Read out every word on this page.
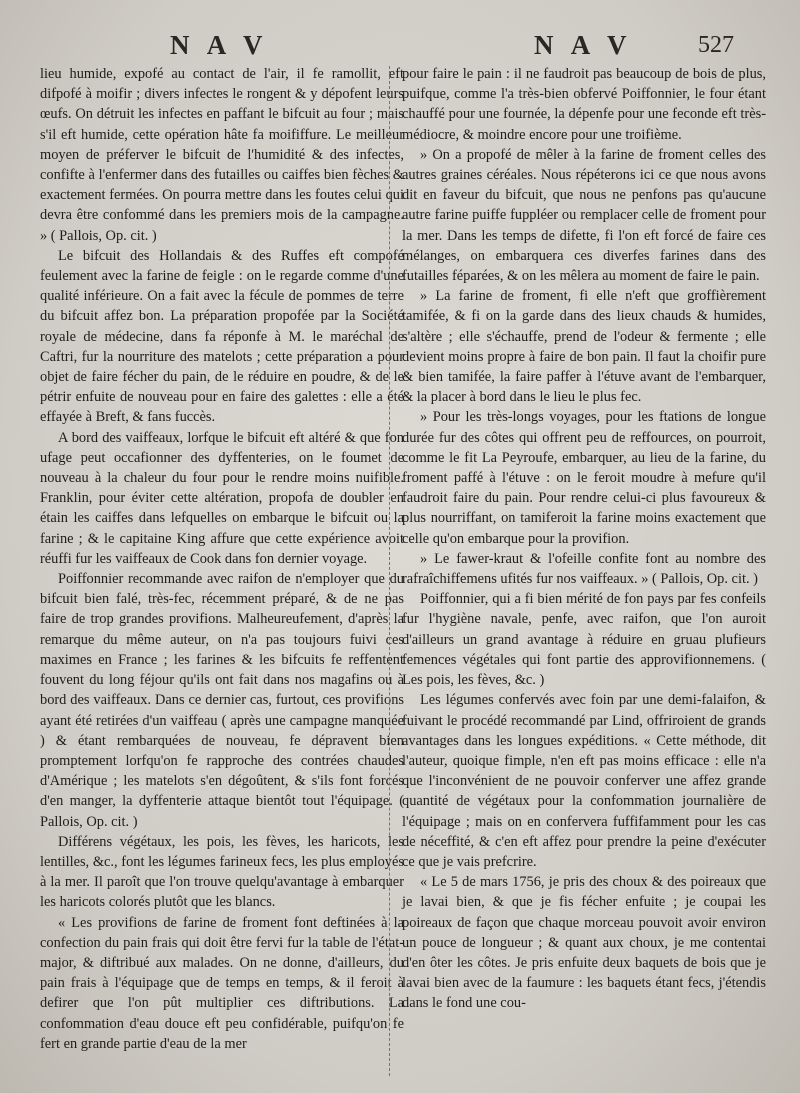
N A V	N A V	527

lieu humide, expofé au contact de l'air, il fe ramollit, eft difpofé à moifir ; divers infectes le rongent & y dépofent leurs œufs. On détruit les infectes en paffant le bifcuit au four ; mais s'il eft humide, cette opération hâte fa moififfure. Le meilleur moyen de préferver le bifcuit de l'humidité & des infectes, confifte à l'enfermer dans des futailles ou caiffes bien fèches & exactement fermées. On pourra mettre dans les foutes celui qui devra être confommé dans les premiers mois de la campagne. » ( Pallois, Op. cit. )

Le bifcuit des Hollandais & des Ruffes eft compofé feulement avec la farine de feigle : on le regarde comme d'une qualité inférieure. On a fait avec la fécule de pommes de terre du bifcuit affez bon. La préparation propofée par la Société royale de médecine, dans fa réponfe à M. le maréchal de Caftri, fur la nourriture des matelots ; cette préparation a pour objet de faire fécher du pain, de le réduire en poudre, & de le pétrir enfuite de nouveau pour en faire des galettes : elle a été effayée à Breft, & fans fuccès.

A bord des vaiffeaux, lorfque le bifcuit eft altéré & que fon ufage peut occafionner des dyffenteries, on le foumet de nouveau à la chaleur du four pour le rendre moins nuifible. Franklin, pour éviter cette altération, propofa de doubler en étain les caiffes dans lefquelles on embarque le bifcuit ou la farine ; & le capitaine King affure que cette expérience avoit réuffi fur les vaiffeaux de Cook dans fon dernier voyage.

Poiffonnier recommande avec raifon de n'employer que du bifcuit bien falé, très-fec, récemment préparé, & de ne pas faire de trop grandes provifions. Malheureufement, d'après la remarque du même auteur, on n'a pas toujours fuivi ces maximes en France ; les farines & les bifcuits fe reffentent fouvent du long féjour qu'ils ont fait dans nos magafins ou à bord des vaiffeaux. Dans ce dernier cas, furtout, ces provifions ayant été retirées d'un vaiffeau ( après une campagne manquée ) & étant rembarquées de nouveau, fe dépravent bien promptement lorfqu'on fe rapproche des contrées chaudes d'Amérique ; les matelots s'en dégoûtent, & s'ils font forcés d'en manger, la dyffenterie attaque bientôt tout l'équipage. ( Pallois, Op. cit. )

Différens végétaux, les pois, les fèves, les haricots, les lentilles, &c., font les légumes farineux fecs, les plus employés à la mer. Il paroît que l'on trouve quelqu'avantage à embarquer les haricots colorés plutôt que les blancs.

« Les provifions de farine de froment font deftinées à la confection du pain frais qui doit être fervi fur la table de l'état-major, & diftribué aux malades. On ne donne, d'ailleurs, du pain frais à l'équipage que de temps en temps, & il feroit à defirer que l'on pût multiplier ces diftributions. La confommation d'eau douce eft peu confidérable, puifqu'on fe fert en grande partie d'eau de la mer

pour faire le pain : il ne faudroit pas beaucoup de bois de plus, puifque, comme l'a très-bien obfervé Poiffonnier, le four étant chauffé pour une fournée, la dépenfe pour une feconde eft très-médiocre, & moindre encore pour une troifième.

» On a propofé de mêler à la farine de froment celles des autres graines céréales. Nous répéterons ici ce que nous avons dit en faveur du bifcuit, que nous ne penfons pas qu'aucune autre farine puiffe fuppléer ou remplacer celle de froment pour la mer. Dans les temps de difette, fi l'on eft forcé de faire ces mélanges, on embarquera ces diverfes farines dans des futailles féparées, & on les mêlera au moment de faire le pain.

» La farine de froment, fi elle n'eft que groffièrement tamifée, & fi on la garde dans des lieux chauds & humides, s'altère ; elle s'échauffe, prend de l'odeur & fermente ; elle devient moins propre à faire de bon pain. Il faut la choifir pure & bien tamifée, la faire paffer à l'étuve avant de l'embarquer, & la placer à bord dans le lieu le plus fec.

» Pour les très-longs voyages, pour les ftations de longue durée fur des côtes qui offrent peu de reffources, on pourroit, comme le fit La Peyroufe, embarquer, au lieu de la farine, du froment paffé à l'étuve : on le feroit moudre à mefure qu'il faudroit faire du pain. Pour rendre celui-ci plus favoureux & plus nourriffant, on tamiferoit la farine moins exactement que celle qu'on embarque pour la provifion.

» Le fawer-kraut & l'ofeille confite font au nombre des rafraîchiffemens ufités fur nos vaiffeaux. » ( Pallois, Op. cit. )

Poiffonnier, qui a fi bien mérité de fon pays par fes confeils fur l'hygiène navale, penfe, avec raifon, que l'on auroit d'ailleurs un grand avantage à réduire en gruau plufieurs femences végétales qui font partie des approvifionnemens. ( Les pois, les fèves, &c. )

Les légumes confervés avec foin par une demi-falaifon, & fuivant le procédé recommandé par Lind, offriroient de grands avantages dans les longues expéditions. « Cette méthode, dit l'auteur, quoique fimple, n'en eft pas moins efficace : elle n'a que l'inconvénient de ne pouvoir conferver une affez grande quantité de végétaux pour la confommation journalière de l'équipage ; mais on en confervera fuffifamment pour les cas de néceffité, & c'en eft affez pour prendre la peine d'exécuter ce que je vais prefcrire.

« Le 5 de mars 1756, je pris des choux & des poireaux que je lavai bien, & que je fis fécher enfuite ; je coupai les poireaux de façon que chaque morceau pouvoit avoir environ un pouce de longueur ; & quant aux choux, je me contentai d'en ôter les côtes. Je pris enfuite deux baquets de bois que je lavai bien avec de la faumure : les baquets étant fecs, j'étendis dans le fond une cou-
